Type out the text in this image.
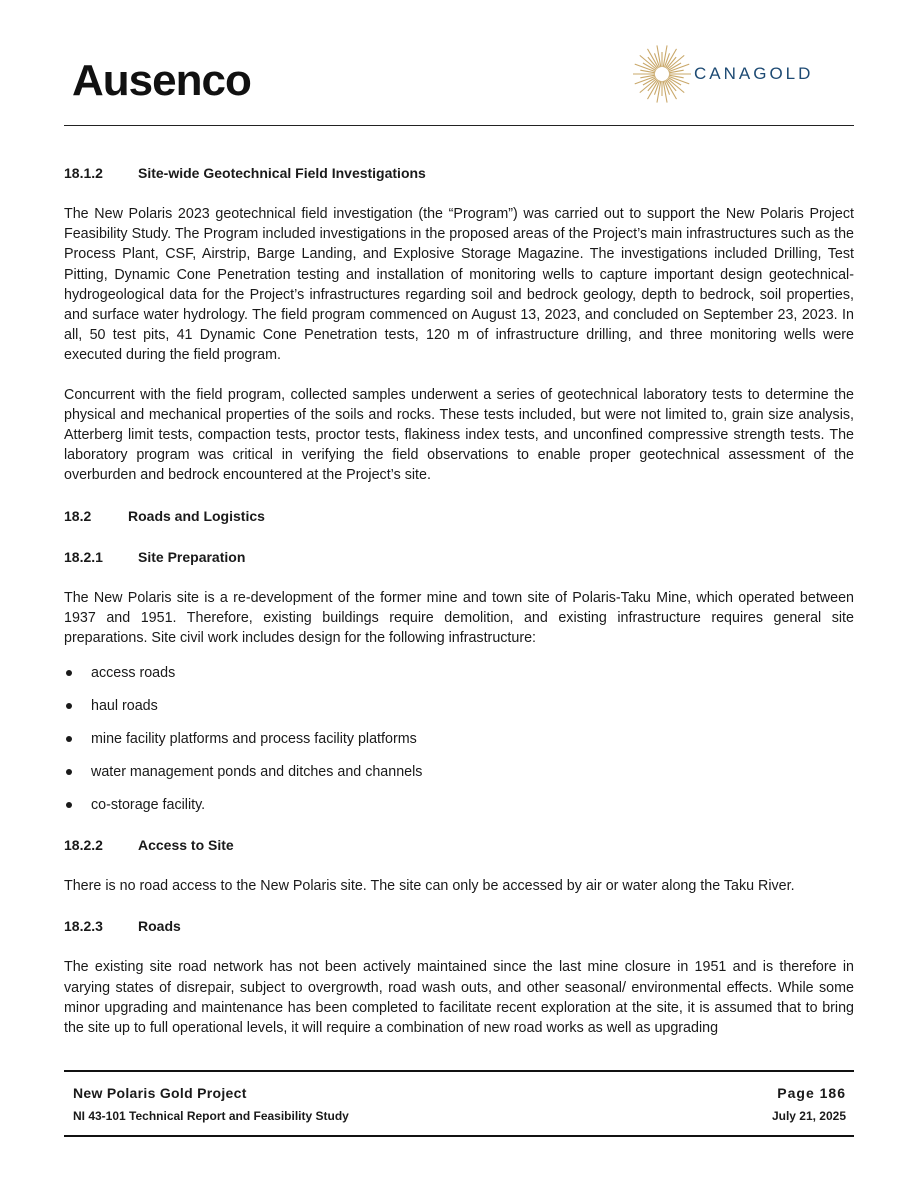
Ausenco	CANAGOLD
18.1.2	Site-wide Geotechnical Field Investigations

The New Polaris 2023 geotechnical field investigation (the “Program”) was carried out to support the New Polaris Project Feasibility Study. The Program included investigations in the proposed areas of the Project’s main infrastructures such as the Process Plant, CSF, Airstrip, Barge Landing, and Explosive Storage Magazine. The investigations included Drilling, Test Pitting, Dynamic Cone Penetration testing and installation of monitoring wells to capture important design geotechnical-hydrogeological data for the Project’s infrastructures regarding soil and bedrock geology, depth to bedrock, soil properties, and surface water hydrology. The field program commenced on August 13, 2023, and concluded on September 23, 2023. In all, 50 test pits, 41 Dynamic Cone Penetration tests, 120 m of infrastructure drilling, and three monitoring wells were executed during the field program.

Concurrent with the field program, collected samples underwent a series of geotechnical laboratory tests to determine the physical and mechanical properties of the soils and rocks. These tests included, but were not limited to, grain size analysis, Atterberg limit tests, compaction tests, proctor tests, flakiness index tests, and unconfined compressive strength tests. The laboratory program was critical in verifying the field observations to enable proper geotechnical assessment of the overburden and bedrock encountered at the Project’s site.

18.2	Roads and Logistics
18.2.1	Site Preparation

The New Polaris site is a re-development of the former mine and town site of Polaris-Taku Mine, which operated between 1937 and 1951. Therefore, existing buildings require demolition, and existing infrastructure requires general site preparations. Site civil work includes design for the following infrastructure:

access roads
haul roads
mine facility platforms and process facility platforms
water management ponds and ditches and channels
co-storage facility.
18.2.2	Access to Site

There is no road access to the New Polaris site. The site can only be accessed by air or water along the Taku River.

18.2.3	Roads

The existing site road network has not been actively maintained since the last mine closure in 1951 and is therefore in varying states of disrepair, subject to overgrowth, road wash outs, and other seasonal/ environmental effects. While some minor upgrading and maintenance has been completed to facilitate recent exploration at the site, it is assumed that to bring the site up to full operational levels, it will require a combination of new road works as well as upgrading

New Polaris Gold Project
NI 43-101 Technical Report and Feasibility Study
Page 186
July 21, 2025
